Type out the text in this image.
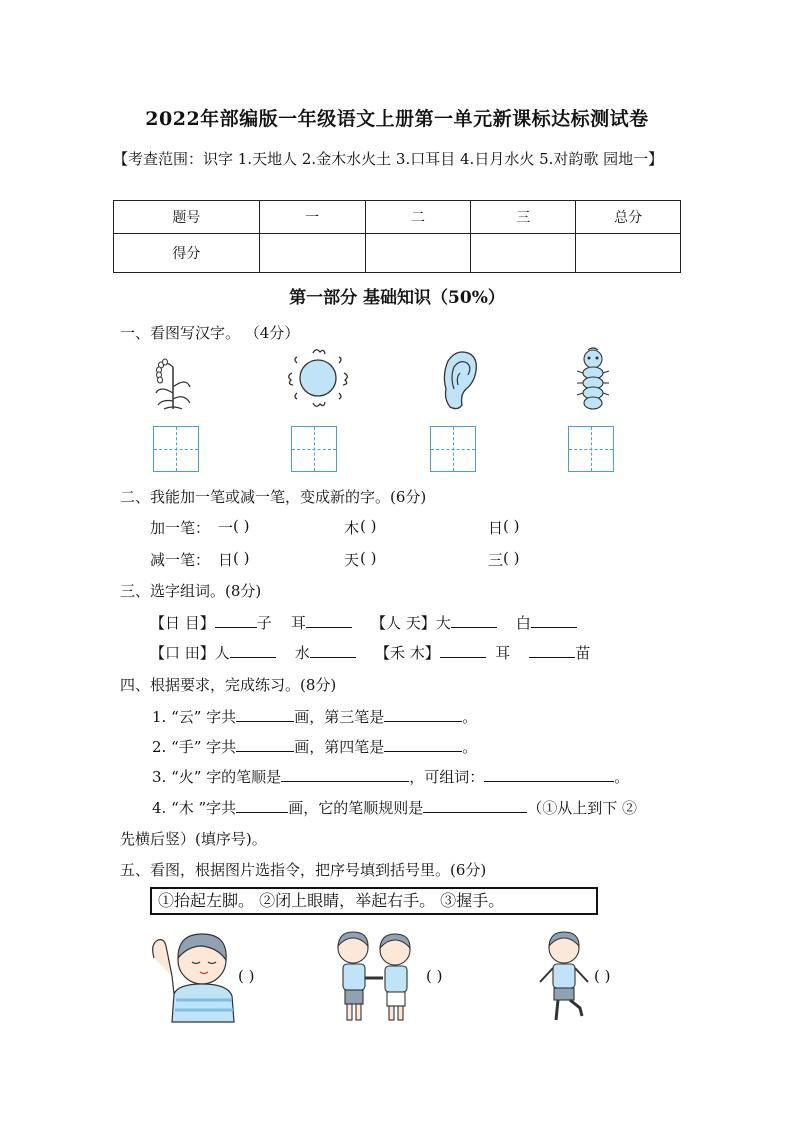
2022年部编版一年级语文上册第一单元新课标达标测试卷
【考查范围：识字 1.天地人 2.金木水火土 3.口耳目 4.日月水火 5.对韵歌 园地一】
题号	一	二	三	总分
得分				
第一部分 基础知识（50%）
一、看图写汉字。 （4分）
二、我能加一笔或减一笔，变成新的字。(6分)
加一笔： 一 ( )	木 ( )	日 ( )
减一笔： 日 ( )	天 ( )	三 ( )
三、选字组词。(8分)
【日 目】	子 耳	【人 天】大	白
【口 田】人	水	【禾 木】	耳	苗
四、根据要求，完成练习。(8分)
1. “云” 字共	画，第三笔是	。
2. “手” 字共	画，第四笔是	。
3. “火” 字的笔顺是	，可组词：	。
4. “木 ”字共	画，它的笔顺规则是	（①从上到下 ②
先横后竖）(填序号)。
五、看图，根据图片选指令，把序号填到括号里。(6分)
①抬起左脚。 ②闭上眼睛，举起右手。 ③握手。
( )	( )	( )
